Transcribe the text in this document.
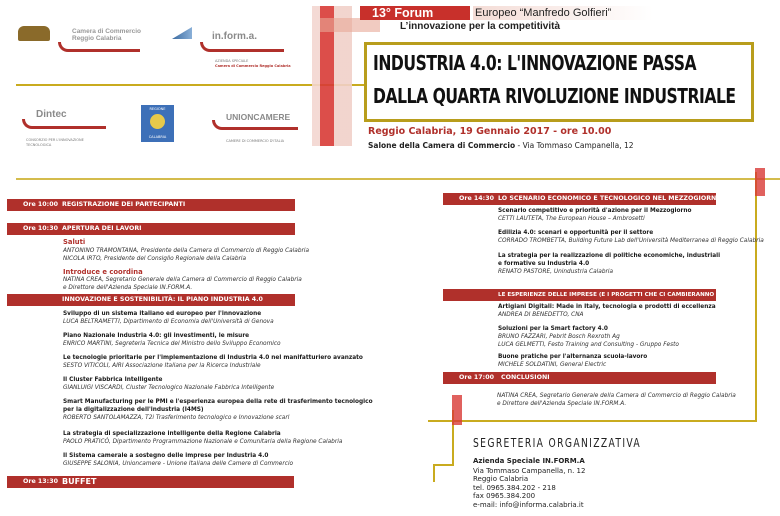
Camera di Commercio
Reggio Calabria	in.form.a.
AZIENDA SPECIALE
Camera di Commercio Reggio Calabria
Dintec
CONSORZIO PER L'INNOVAZIONE
TECNOLOGICA
REGIONE
CALABRIA
UNIONCAMERE
CAMERE DI COMMERCIO D'ITALIA
13° Forum	Europeo “Manfredo Golfieri”
L’innovazione per la competitività
INDUSTRIA 4.0: L'INNOVAZIONE PASSA
DALLA QUARTA RIVOLUZIONE INDUSTRIALE
Reggio Calabria, 19 Gennaio 2017 - ore 10.00
Salone della Camera di Commercio - Via Tommaso Campanella, 12
Ore 10:00 REGISTRAZIONE DEI PARTECIPANTI
Ore 10:30 APERTURA DEI LAVORI
Saluti
ANTONINO TRAMONTANA, Presidente della Camera di Commercio di Reggio Calabria
NICOLA IRTO, Presidente del Consiglio Regionale della Calabria
Introduce e coordina
NATINA CREA, Segretario Generale della Camera di Commercio di Reggio Calabria
e Direttore dell'Azienda Speciale IN.FORM.A.
INNOVAZIONE E SOSTENIBILITÀ: IL PIANO INDUSTRIA 4.0
Sviluppo di un sistema italiano ed europeo per l'innovazione
LUCA BELTRAMETTI, Dipartimento di Economia dell'Università di Genova
Piano Nazionale Industria 4.0: gli investimenti, le misure
ENRICO MARTINI, Segreteria Tecnica del Ministro dello Sviluppo Economico
Le tecnologie prioritarie per l'implementazione di Industria 4.0 nel manifatturiero avanzato
SESTO VITICOLI, AIRI Associazione Italiana per la Ricerca Industriale
Il Cluster Fabbrica Intelligente
GIANLUIGI VISCARDI, Cluster Tecnologico Nazionale Fabbrica Intelligente
Smart Manufacturing per le PMI e l'esperienza europea della rete di trasferimento tecnologico
per la digitalizzazione dell'industria (I4MS)
ROBERTO SANTOLAMAZZA, T2i Trasferimento tecnologico e Innovazione scarl
La strategia di specializzazione intelligente della Regione Calabria
PAOLO PRATICÒ, Dipartimento Programmazione Nazionale e Comunitaria della Regione Calabria
Il Sistema camerale a sostegno delle imprese per Industria 4.0
GIUSEPPE SALONIA, Unioncamere - Unione Italiana delle Camere di Commercio
Ore 13:30 BUFFET
Ore 14:30 LO SCENARIO ECONOMICO E TECNOLOGICO NEL MEZZOGIORNO
Scenario competitivo e priorità d'azione per il Mezzogiorno
CETTI LAUTETA, The European House – Ambrosetti
Edilizia 4.0: scenari e opportunità per il settore
CORRADO TROMBETTA, Building Future Lab dell'Università Mediterranea di Reggio Calabria
La strategia per la realizzazione di politiche economiche, industriali
e formative su Industria 4.0
RENATO PASTORE, Unindustria Calabria
LE ESPERIENZE DELLE IMPRESE (E I PROGETTI CHE CI CAMBIERANNO LA VITA)
Artigiani Digitali: Made in Italy, tecnologia e prodotti di eccellenza
ANDREA DI BENEDETTO, CNA
Soluzioni per la Smart factory 4.0
BRUNO FAZZARI, Pebrit Bosch Rexroth Ag
LUCA GELMETTI, Festo Training and Consulting - Gruppo Festo
Buone pratiche per l'alternanza scuola-lavoro
MICHELE SOLDATINI, General Electric
Ore 17:00 CONCLUSIONI
NATINA CREA, Segretario Generale della Camera di Commercio di Reggio Calabria
e Direttore dell'Azienda Speciale IN.FORM.A.
SEGRETERIA ORGANIZZATIVA
Azienda Speciale IN.FORM.A
Via Tommaso Campanella, n. 12
Reggio Calabria
tel. 0965.384.202 - 218
fax 0965.384.200
e-mail: info@informa.calabria.it
